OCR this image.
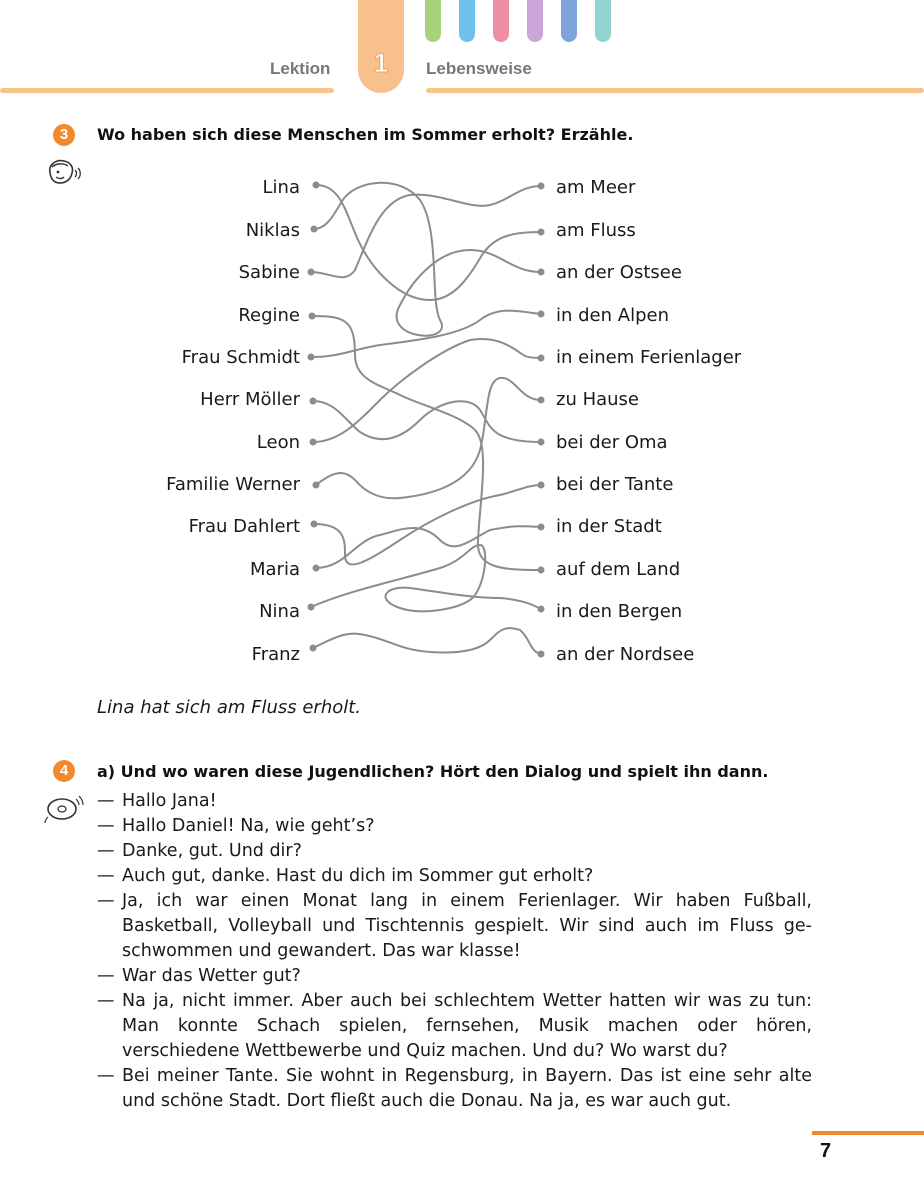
1
Lektion	Lebensweise
3	Wo haben sich diese Menschen im Sommer erholt? Erzähle.
Lina
Niklas
Sabine
Regine
Frau Schmidt
Herr Möller
Leon
Familie Werner
Frau Dahlert
Maria
Nina
Franz
am Meer
am Fluss
an der Ostsee
in den Alpen
in einem Ferienlager
zu Hause
bei der Oma
bei der Tante
in der Stadt
auf dem Land
in den Bergen
an der Nordsee
Lina hat sich am Fluss erholt.
4	a) Und wo waren diese Jugendlichen? Hört den Dialog und spielt ihn dann.
— Hallo Jana!
— Hallo Daniel! Na, wie geht’s?
— Danke, gut. Und dir?
— Auch gut, danke. Hast du dich im Sommer gut erholt?
— Ja, ich war einen Monat lang in einem Ferienlager. Wir haben Fußball, Basketball, Volleyball und Tischtennis gespielt. Wir sind auch im Fluss geschwommen und gewandert. Das war klasse!
— War das Wetter gut?
— Na ja, nicht immer. Aber auch bei schlechtem Wetter hatten wir was zu tun: Man konnte Schach spielen, fernsehen, Musik machen oder hören, verschiedene Wettbewerbe und Quiz machen. Und du? Wo warst du?
— Bei meiner Tante. Sie wohnt in Regensburg, in Bayern. Das ist eine sehr alte und schöne Stadt. Dort fließt auch die Donau. Na ja, es war auch gut.
7
